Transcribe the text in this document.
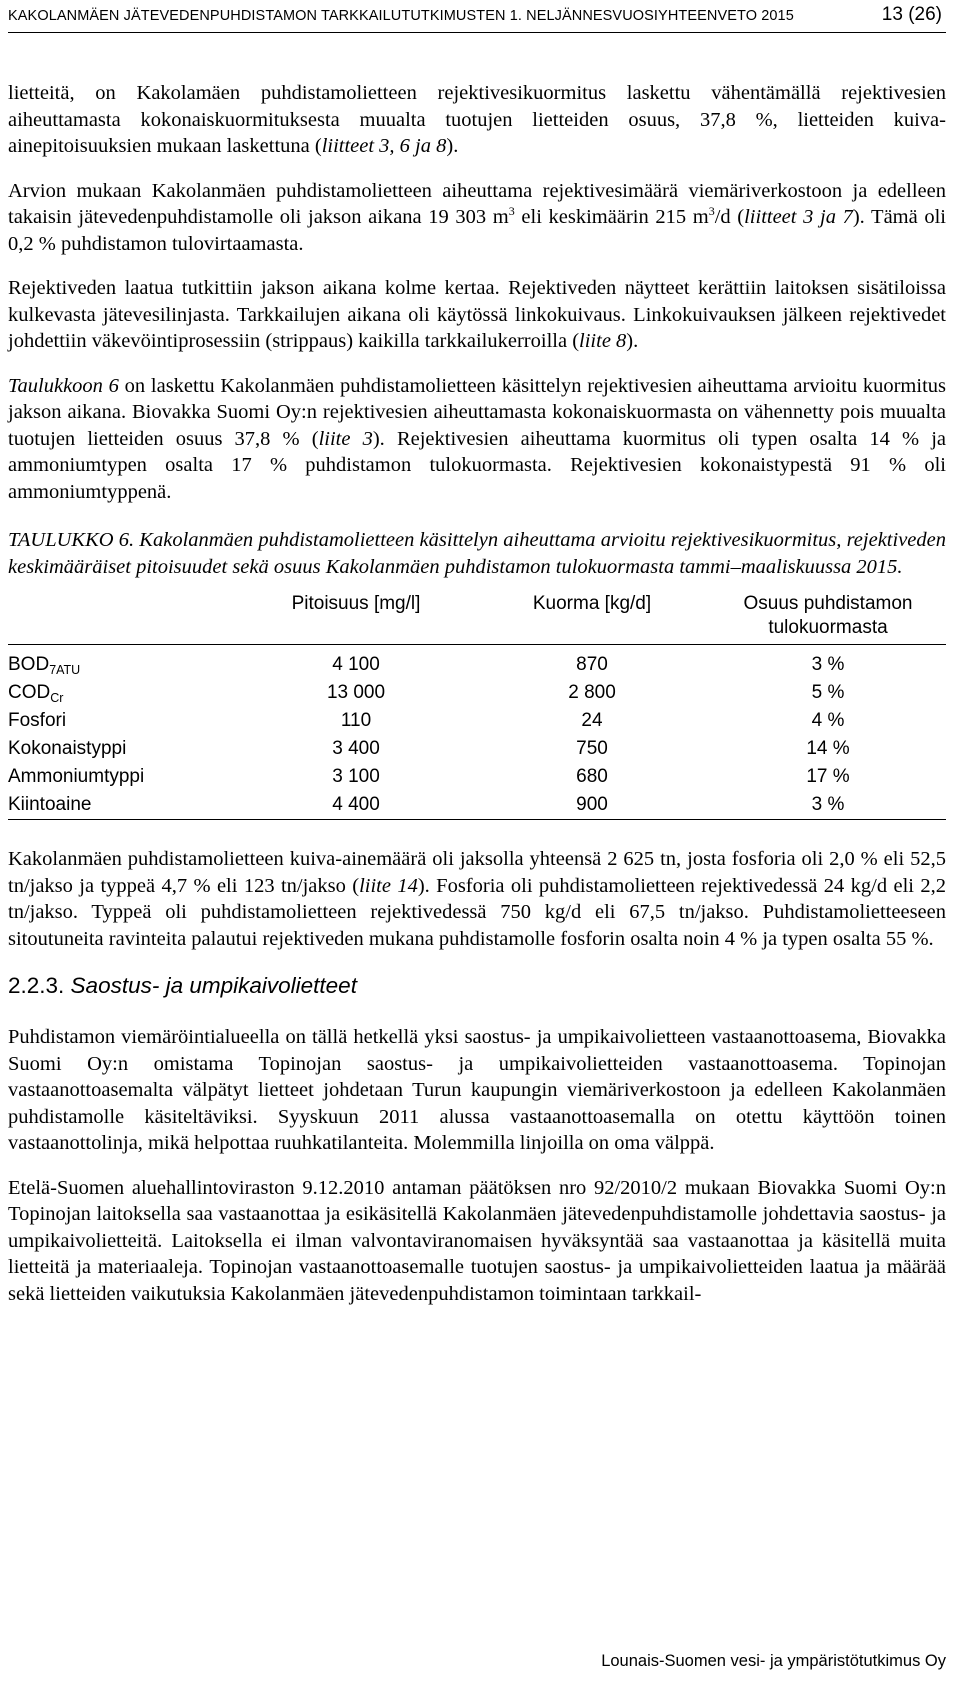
KAKOLANMÄEN JÄTEVEDENPUHDISTAMON TARKKAILUTUTKIMUSTEN 1. NELJÄNNESVUOSIYHTEENVETO 2015	13 (26)

lietteitä, on Kakolamäen puhdistamolietteen rejektivesikuormitus laskettu vähentämällä rejektivesien aiheuttamasta kokonaiskuormituksesta muualta tuotujen lietteiden osuus, 37,8 %, lietteiden kuiva-ainepitoisuuksien mukaan laskettuna (liitteet 3, 6 ja 8).

Arvion mukaan Kakolanmäen puhdistamolietteen aiheuttama rejektivesimäärä viemäriverkostoon ja edelleen takaisin jätevedenpuhdistamolle oli jakson aikana 19 303 $m^3$ eli keskimäärin 215 $m^3/d$ (liitteet 3 ja 7). Tämä oli 0,2 % puhdistamon tulovirtaamasta.

Rejektiveden laatua tutkittiin jakson aikana kolme kertaa. Rejektiveden näytteet kerättiin laitoksen sisätiloissa kulkevasta jätevesilinjasta. Tarkkailujen aikana oli käytössä linkokuivaus. Linkokuivauksen jälkeen rejektivedet johdettiin väkevöintiprosessiin (strippaus) kaikilla tarkkailukerroilla (liite 8).

Taulukkoon 6 on laskettu Kakolanmäen puhdistamolietteen käsittelyn rejektivesien aiheuttama arvioitu kuormitus jakson aikana. Biovakka Suomi Oy:n rejektivesien aiheuttamasta kokonaiskuormasta on vähennetty pois muualta tuotujen lietteiden osuus 37,8 % (liite 3). Rejektivesien aiheuttama kuormitus oli typen osalta 14 % ja ammoniumtypen osalta 17 % puhdistamon tulokuormasta. Rejektivesien kokonaistypestä 91 % oli ammoniumtyppenä.

TAULUKKO 6. Kakolanmäen puhdistamolietteen käsittelyn aiheuttama arvioitu rejektivesikuormitus, rejektiveden keskimääräiset pitoisuudet sekä osuus Kakolanmäen puhdistamon tulokuormasta tammi–maaliskuussa 2015.

	Pitoisuus [mg/l]	Kuorma [kg/d]	Osuus puhdistamon tulokuormasta
$BOD_{7ATU}$	4 100	870	3 %
$COD_{Cr}$	13 000	2 800	5 %
Fosfori	110	24	4 %
Kokonaistyppi	3 400	750	14 %
Ammoniumtyppi	3 100	680	17 %
Kiintoaine	4 400	900	3 %

Kakolanmäen puhdistamolietteen kuiva-ainemäärä oli jaksolla yhteensä 2 625 tn, josta fosforia oli 2,0 % eli 52,5 tn/jakso ja typpeä 4,7 % eli 123 tn/jakso (liite 14). Fosforia oli puhdistamolietteen rejektivedessä 24 kg/d eli 2,2 tn/jakso. Typpeä oli puhdistamolietteen rejektivedessä 750 kg/d eli 67,5 tn/jakso. Puhdistamolietteeseen sitoutuneita ravinteita palautui rejektiveden mukana puhdistamolle fosforin osalta noin 4 % ja typen osalta 55 %.

2.2.3. Saostus- ja umpikaivolietteet

Puhdistamon viemäröintialueella on tällä hetkellä yksi saostus- ja umpikaivolietteen vastaanottoasema, Biovakka Suomi Oy:n omistama Topinojan saostus- ja umpikaivolietteiden vastaanottoasema. Topinojan vastaanottoasemalta välpätyt lietteet johdetaan Turun kaupungin viemäriverkostoon ja edelleen Kakolanmäen puhdistamolle käsiteltäviksi. Syyskuun 2011 alussa vastaanottoasemalla on otettu käyttöön toinen vastaanottolinja, mikä helpottaa ruuhkatilanteita. Molemmilla linjoilla on oma välppä.

Etelä-Suomen aluehallintoviraston 9.12.2010 antaman päätöksen nro 92/2010/2 mukaan Biovakka Suomi Oy:n Topinojan laitoksella saa vastaanottaa ja esikäsitellä Kakolanmäen jätevedenpuhdistamolle johdettavia saostus- ja umpikaivolietteitä. Laitoksella ei ilman valvontaviranomaisen hyväksyntää saa vastaanottaa ja käsitellä muita lietteitä ja materiaaleja. Topinojan vastaanottoasemalle tuotujen saostus- ja umpikaivolietteiden laatua ja määrää sekä lietteiden vaikutuksia Kakolanmäen jätevedenpuhdistamon toimintaan tarkkail-

Lounais-Suomen vesi- ja ympäristötutkimus Oy
